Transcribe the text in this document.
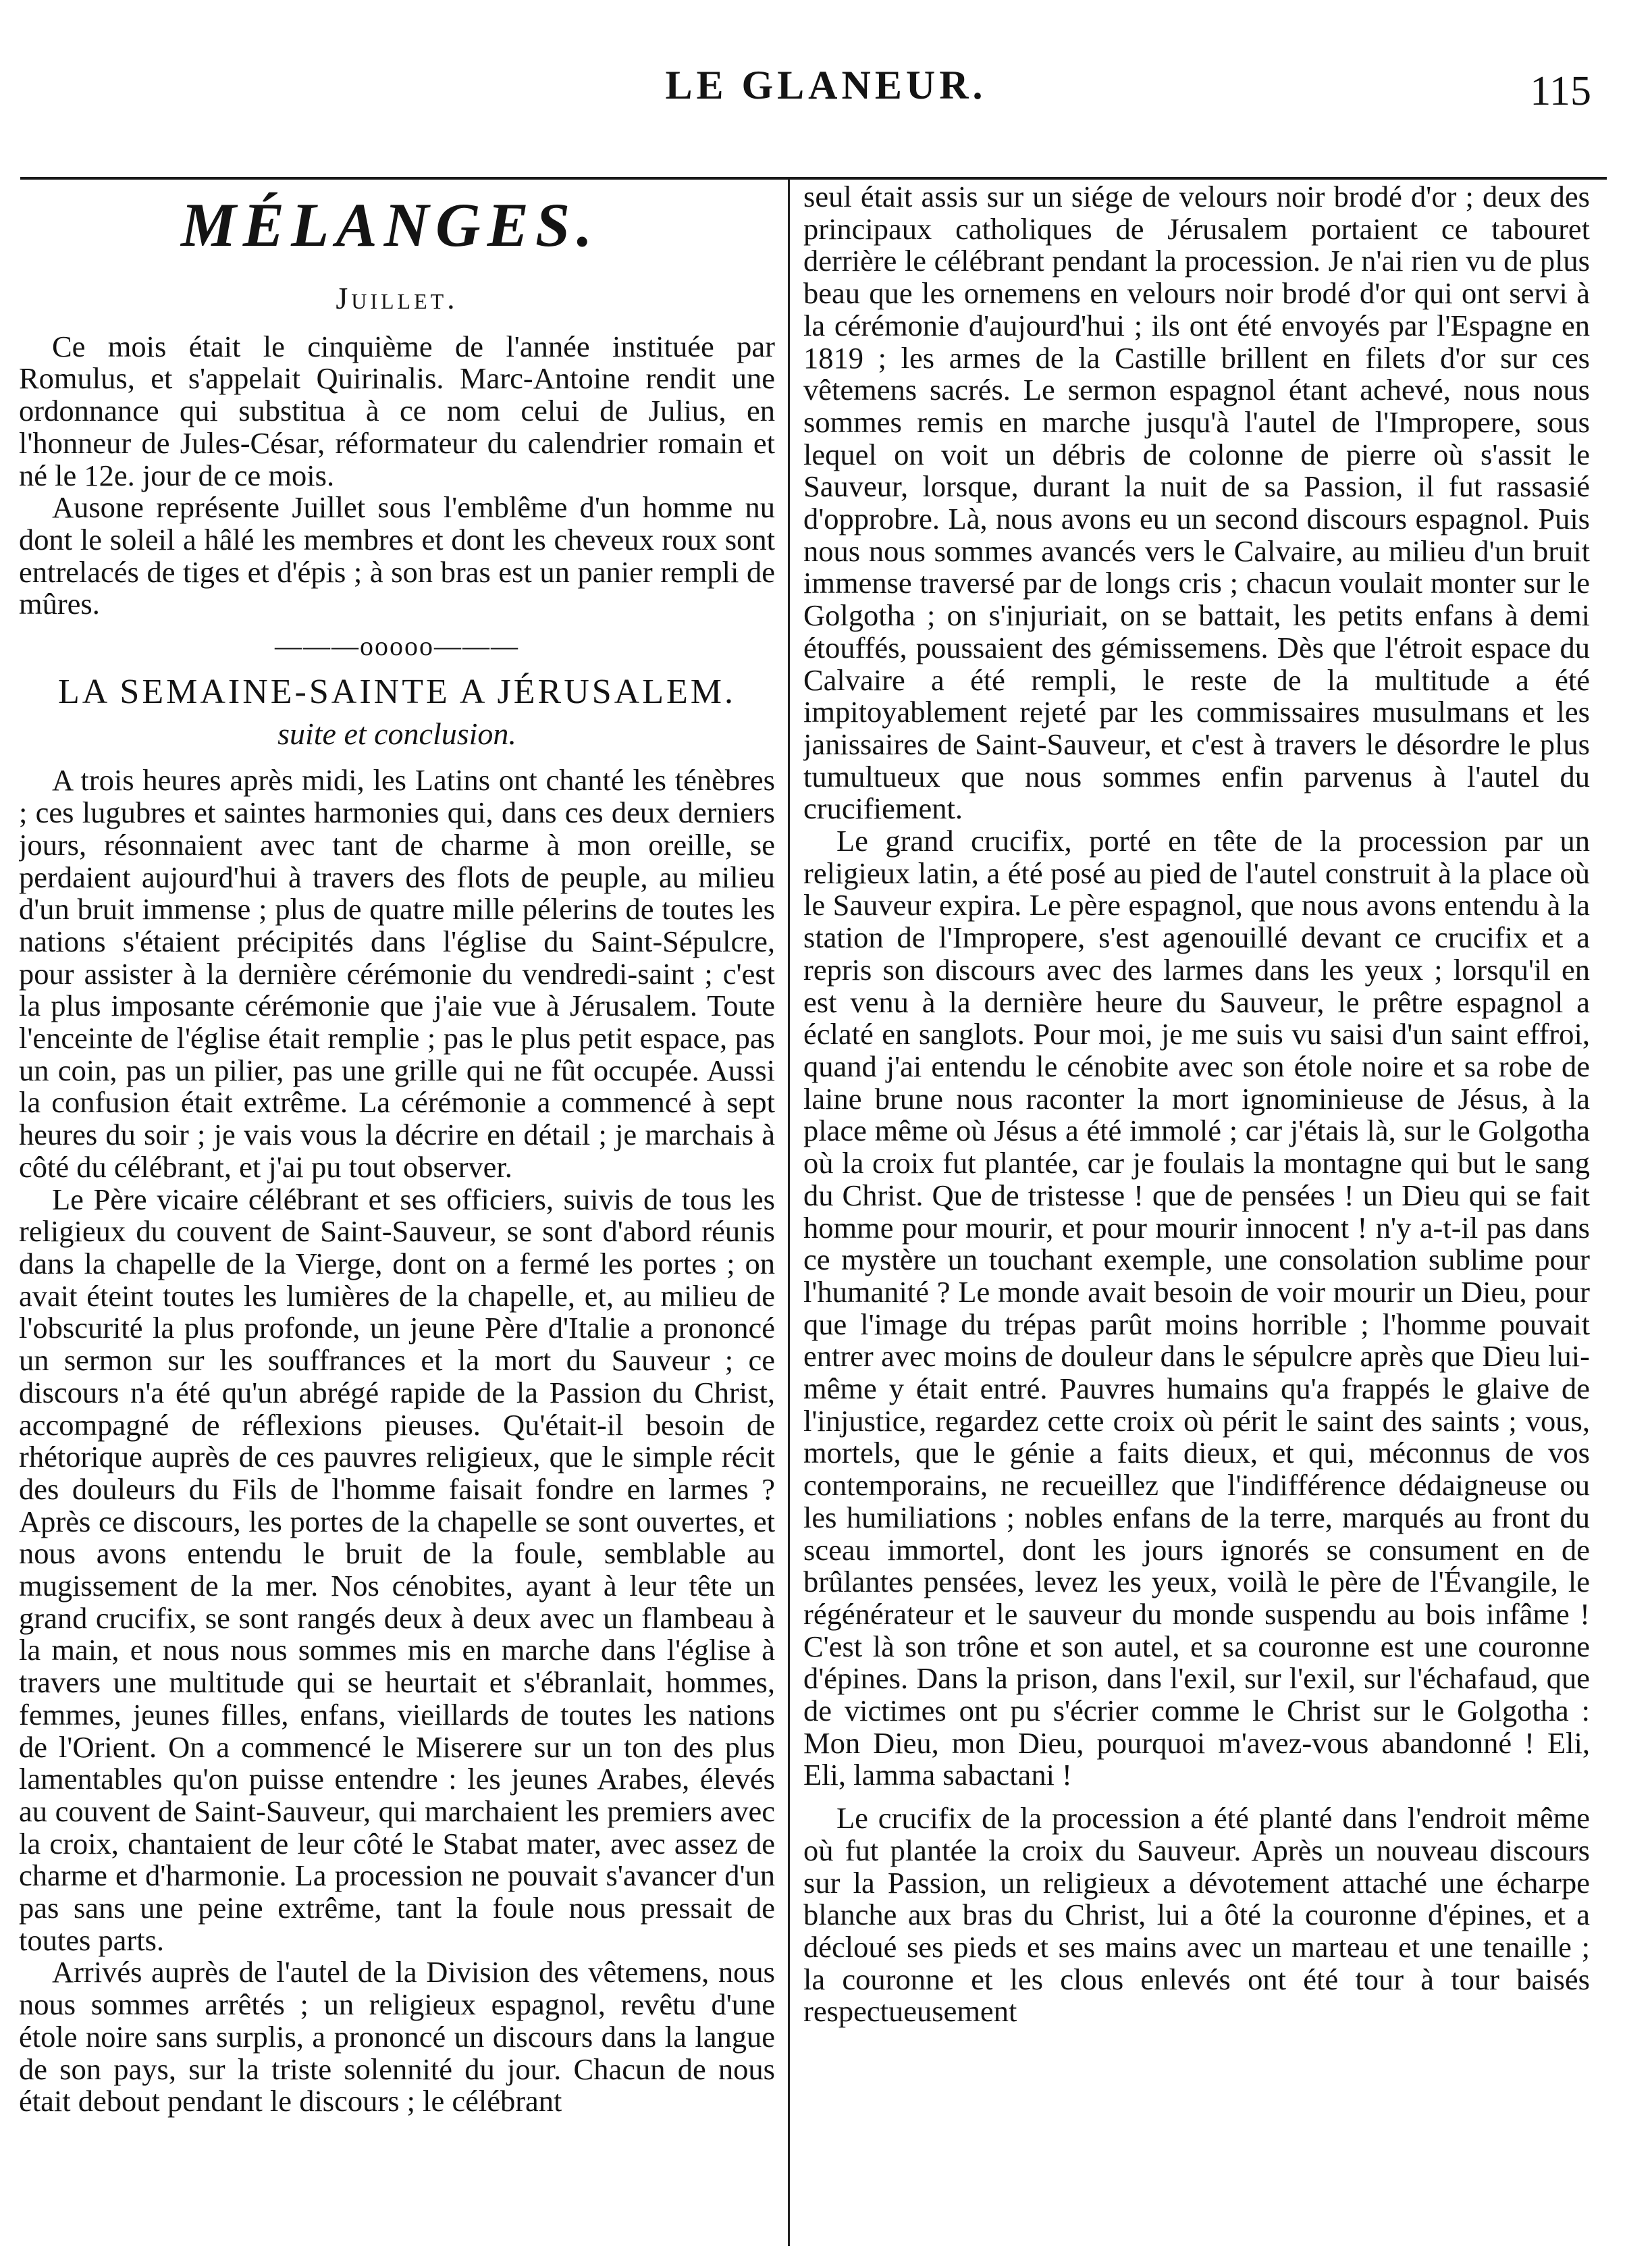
LE GLANEUR.	115
MÉLANGES.
Juillet.

Ce mois était le cinquième de l'année instituée par Romulus, et s'appelait Quirinalis. Marc-Antoine rendit une ordonnance qui substitua à ce nom celui de Julius, en l'honneur de Jules-César, réformateur du calendrier romain et né le 12e. jour de ce mois.

Ausone représente Juillet sous l'emblême d'un homme nu dont le soleil a hâlé les membres et dont les cheveux roux sont entrelacés de tiges et d'épis ; à son bras est un panier rempli de mûres.

———ooooo———
LA SEMAINE-SAINTE A JÉRUSALEM.
suite et conclusion.

A trois heures après midi, les Latins ont chanté les ténèbres ; ces lugubres et saintes harmonies qui, dans ces deux derniers jours, résonnaient avec tant de charme à mon oreille, se perdaient aujourd'hui à travers des flots de peuple, au milieu d'un bruit immense ; plus de quatre mille pélerins de toutes les nations s'étaient précipités dans l'église du Saint-Sépulcre, pour assister à la dernière cérémonie du vendredi-saint ; c'est la plus imposante cérémonie que j'aie vue à Jérusalem. Toute l'enceinte de l'église était remplie ; pas le plus petit espace, pas un coin, pas un pilier, pas une grille qui ne fût occupée. Aussi la confusion était extrême. La cérémonie a commencé à sept heures du soir ; je vais vous la décrire en détail ; je marchais à côté du célébrant, et j'ai pu tout observer.

Le Père vicaire célébrant et ses officiers, suivis de tous les religieux du couvent de Saint-Sauveur, se sont d'abord réunis dans la chapelle de la Vierge, dont on a fermé les portes ; on avait éteint toutes les lumières de la chapelle, et, au milieu de l'obscurité la plus profonde, un jeune Père d'Italie a prononcé un sermon sur les souffrances et la mort du Sauveur ; ce discours n'a été qu'un abrégé rapide de la Passion du Christ, accompagné de réflexions pieuses. Qu'était-il besoin de rhétorique auprès de ces pauvres religieux, que le simple récit des douleurs du Fils de l'homme faisait fondre en larmes ? Après ce discours, les portes de la chapelle se sont ouvertes, et nous avons entendu le bruit de la foule, semblable au mugissement de la mer. Nos cénobites, ayant à leur tête un grand crucifix, se sont rangés deux à deux avec un flambeau à la main, et nous nous sommes mis en marche dans l'église à travers une multitude qui se heurtait et s'ébranlait, hommes, femmes, jeunes filles, enfans, vieillards de toutes les nations de l'Orient. On a commencé le Miserere sur un ton des plus lamentables qu'on puisse entendre : les jeunes Arabes, élevés au couvent de Saint-Sauveur, qui marchaient les premiers avec la croix, chantaient de leur côté le Stabat mater, avec assez de charme et d'harmonie. La procession ne pouvait s'avancer d'un pas sans une peine extrême, tant la foule nous pressait de toutes parts.

Arrivés auprès de l'autel de la Division des vêtemens, nous nous sommes arrêtés ; un religieux espagnol, revêtu d'une étole noire sans surplis, a prononcé un discours dans la langue de son pays, sur la triste solennité du jour. Chacun de nous était debout pendant le discours ; le célébrant

seul était assis sur un siége de velours noir brodé d'or ; deux des principaux catholiques de Jérusalem portaient ce tabouret derrière le célébrant pendant la procession. Je n'ai rien vu de plus beau que les ornemens en velours noir brodé d'or qui ont servi à la cérémonie d'aujourd'hui ; ils ont été envoyés par l'Espagne en 1819 ; les armes de la Castille brillent en filets d'or sur ces vêtemens sacrés. Le sermon espagnol étant achevé, nous nous sommes remis en marche jusqu'à l'autel de l'Impropere, sous lequel on voit un débris de colonne de pierre où s'assit le Sauveur, lorsque, durant la nuit de sa Passion, il fut rassasié d'opprobre. Là, nous avons eu un second discours espagnol. Puis nous nous sommes avancés vers le Calvaire, au milieu d'un bruit immense traversé par de longs cris ; chacun voulait monter sur le Golgotha ; on s'injuriait, on se battait, les petits enfans à demi étouffés, poussaient des gémissemens. Dès que l'étroit espace du Calvaire a été rempli, le reste de la multitude a été impitoyablement rejeté par les commissaires musulmans et les janissaires de Saint-Sauveur, et c'est à travers le désordre le plus tumultueux que nous sommes enfin parvenus à l'autel du crucifiement.

Le grand crucifix, porté en tête de la procession par un religieux latin, a été posé au pied de l'autel construit à la place où le Sauveur expira. Le père espagnol, que nous avons entendu à la station de l'Impropere, s'est agenouillé devant ce crucifix et a repris son discours avec des larmes dans les yeux ; lorsqu'il en est venu à la dernière heure du Sauveur, le prêtre espagnol a éclaté en sanglots. Pour moi, je me suis vu saisi d'un saint effroi, quand j'ai entendu le cénobite avec son étole noire et sa robe de laine brune nous raconter la mort ignominieuse de Jésus, à la place même où Jésus a été immolé ; car j'étais là, sur le Golgotha où la croix fut plantée, car je foulais la montagne qui but le sang du Christ. Que de tristesse ! que de pensées ! un Dieu qui se fait homme pour mourir, et pour mourir innocent ! n'y a-t-il pas dans ce mystère un touchant exemple, une consolation sublime pour l'humanité ? Le monde avait besoin de voir mourir un Dieu, pour que l'image du trépas parût moins horrible ; l'homme pouvait entrer avec moins de douleur dans le sépulcre après que Dieu lui-même y était entré. Pauvres humains qu'a frappés le glaive de l'injustice, regardez cette croix où périt le saint des saints ; vous, mortels, que le génie a faits dieux, et qui, méconnus de vos contemporains, ne recueillez que l'indifférence dédaigneuse ou les humiliations ; nobles enfans de la terre, marqués au front du sceau immortel, dont les jours ignorés se consument en de brûlantes pensées, levez les yeux, voilà le père de l'Évangile, le régénérateur et le sauveur du monde suspendu au bois infâme ! C'est là son trône et son autel, et sa couronne est une couronne d'épines. Dans la prison, dans l'exil, sur l'exil, sur l'échafaud, que de victimes ont pu s'écrier comme le Christ sur le Golgotha : Mon Dieu, mon Dieu, pourquoi m'avez-vous abandonné ! Eli, Eli, lamma sabactani !

Le crucifix de la procession a été planté dans l'endroit même où fut plantée la croix du Sauveur. Après un nouveau discours sur la Passion, un religieux a dévotement attaché une écharpe blanche aux bras du Christ, lui a ôté la couronne d'épines, et a décloué ses pieds et ses mains avec un marteau et une tenaille ; la couronne et les clous enlevés ont été tour à tour baisés respectueusement
